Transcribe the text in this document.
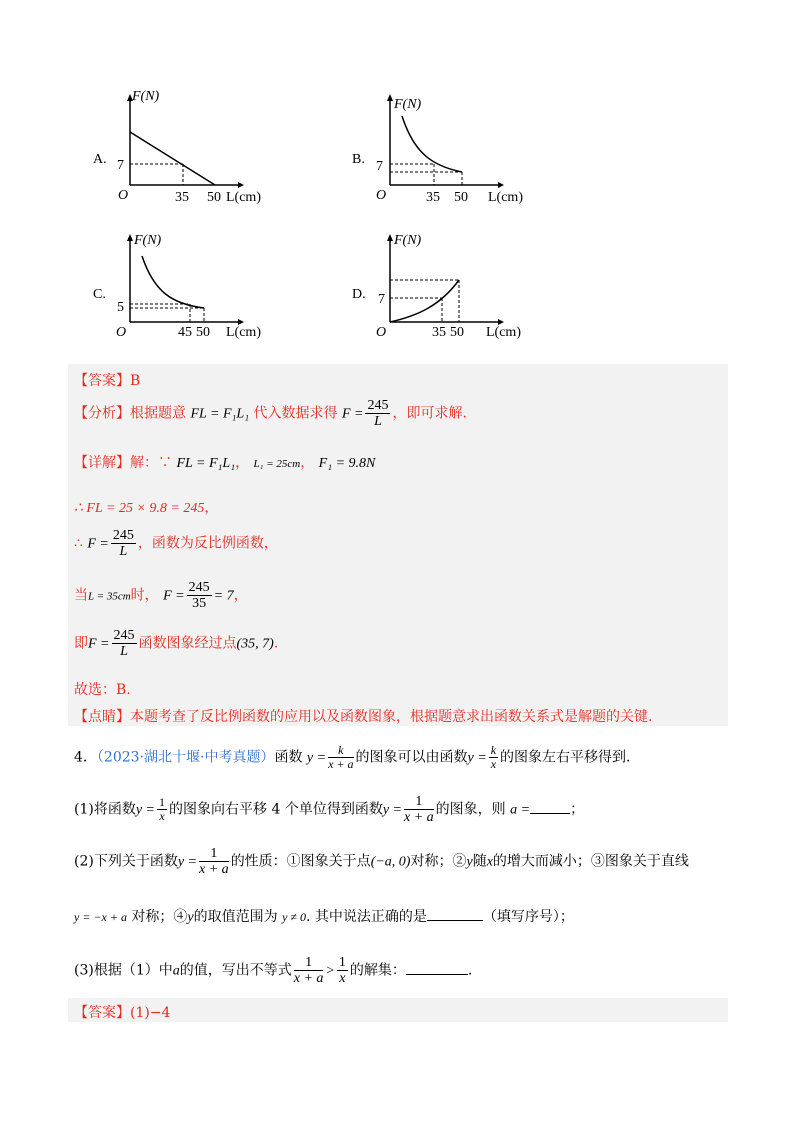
A.
F(N)
O
7
35 50 L(cm)
B.
F(N)
O
7
35 50 L(cm)
C.
F(N)
O
5
45 50 L(cm)
D.
F(N)
O
7
35 50 L(cm)
【答案】B
【分析】根据题意 FL = F₁L₁ 代入数据求得 $F = \frac{245}{L}$ ，即可求解.
【详解】解：∵ FL = F₁L₁， L₁ = 25cm， F₁ = 9.8N
∴ FL = 25 × 9.8 = 245，
∴ $F = \frac{245}{L}$ ，函数为反比例函数，
当L = 35cm时， $F = \frac{245}{35} = 7$，
即$F = \frac{245}{L}$ 函数图象经过点(35, 7).
故选：B.
【点睛】本题考查了反比例函数的应用以及函数图象，根据题意求出函数关系式是解题的关键.
4．（2023·湖北十堰·中考真题）函数 $y = \frac{k}{x + a}$ 的图象可以由函数$y = \frac{k}{x}$ 的图象左右平移得到.
(1)将函数$y = \frac{1}{x}$ 的图象向右平移 4 个单位得到函数$y = \frac{1}{x + a}$ 的图象，则 a =	；
(2)下列关于函数$y = \frac{1}{x + a}$ 的性质：①图象关于点(−a, 0)对称；②y随x的增大而减小；③图象关于直线
y = −x + a 对称；④y的取值范围为 y ≠ 0. 其中说法正确的是	（填写序号）；
(3)根据（1）中a的值，写出不等式 $\frac{1}{x + a} > \frac{1}{x}$ 的解集：	.
【答案】(1)−4
